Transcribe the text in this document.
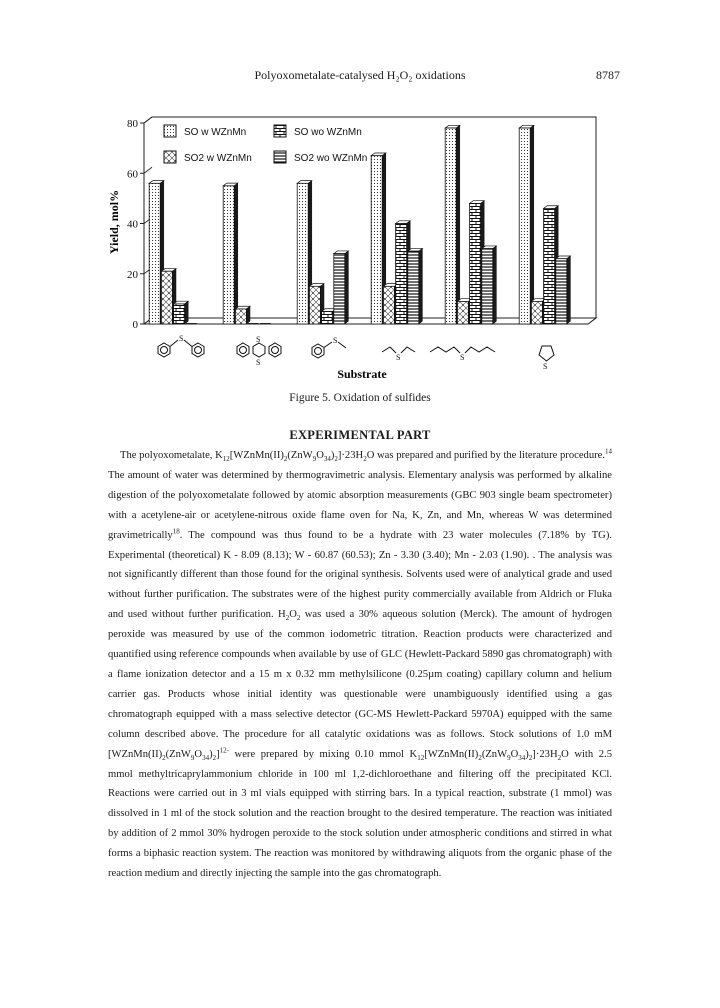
Polyoxometalate-catalysed H₂O₂ oxidations	8787
0
20
40
60
80
SO w WZnMn
SO2 w WZnMn
SO wo WZnMn
SO2 wo WZnMn
Yield, mol%
Substrate
S	S
S
S
S	S
S
Figure 5. Oxidation of sulfides
EXPERIMENTAL PART

The polyoxometalate, $K_{12}[WZnMn(II)_2(ZnW_9O_{34})_2]\cdot 23H_2O$ was prepared and purified by the literature procedure.$^{14}$ The amount of water was determined by thermogravimetric analysis. Elementary analysis was performed by alkaline digestion of the polyoxometalate followed by atomic absorption measurements (GBC 903 single beam spectrometer) with a acetylene-air or acetylene-nitrous oxide flame oven for Na, K, Zn, and Mn, whereas W was determined gravimetrically$^{18}$. The compound was thus found to be a hydrate with 23 water molecules (7.18% by TG). Experimental (theoretical) K - 8.09 (8.13); W - 60.87 (60.53); Zn - 3.30 (3.40); Mn - 2.03 (1.90). . The analysis was not significantly different than those found for the original synthesis. Solvents used were of analytical grade and used without further purification. The substrates were of the highest purity commercially available from Aldrich or Fluka and used without further purification. $H_2O_2$ was used a 30% aqueous solution (Merck). The amount of hydrogen peroxide was measured by use of the common iodometric titration. Reaction products were characterized and quantified using reference compounds when available by use of GLC (Hewlett-Packard 5890 gas chromatograph) with a flame ionization detector and a 15 m x 0.32 mm methylsilicone (0.25µm coating) capillary column and helium carrier gas. Products whose initial identity was questionable were unambiguously identified using a gas chromatograph equipped with a mass selective detector (GC-MS Hewlett-Packard 5970A) equipped with the same column described above. The procedure for all catalytic oxidations was as follows. Stock solutions of 1.0 mM $[WZnMn(II)_2(ZnW_9O_{34})_2]^{12-}$ were prepared by mixing 0.10 mmol $K_{12}[WZnMn(II)_2(ZnW_9O_{34})_2]\cdot 23H_2O$ with 2.5 mmol methyltricaprylammonium chloride in 100 ml 1,2-dichloroethane and filtering off the precipitated KCl. Reactions were carried out in 3 ml vials equipped with stirring bars. In a typical reaction, substrate (1 mmol) was dissolved in 1 ml of the stock solution and the reaction brought to the desired temperature. The reaction was initiated by addition of 2 mmol 30% hydrogen peroxide to the stock solution under atmospheric conditions and stirred in what forms a biphasic reaction system. The reaction was monitored by withdrawing aliquots from the organic phase of the reaction medium and directly injecting the sample into the gas chromatograph.
